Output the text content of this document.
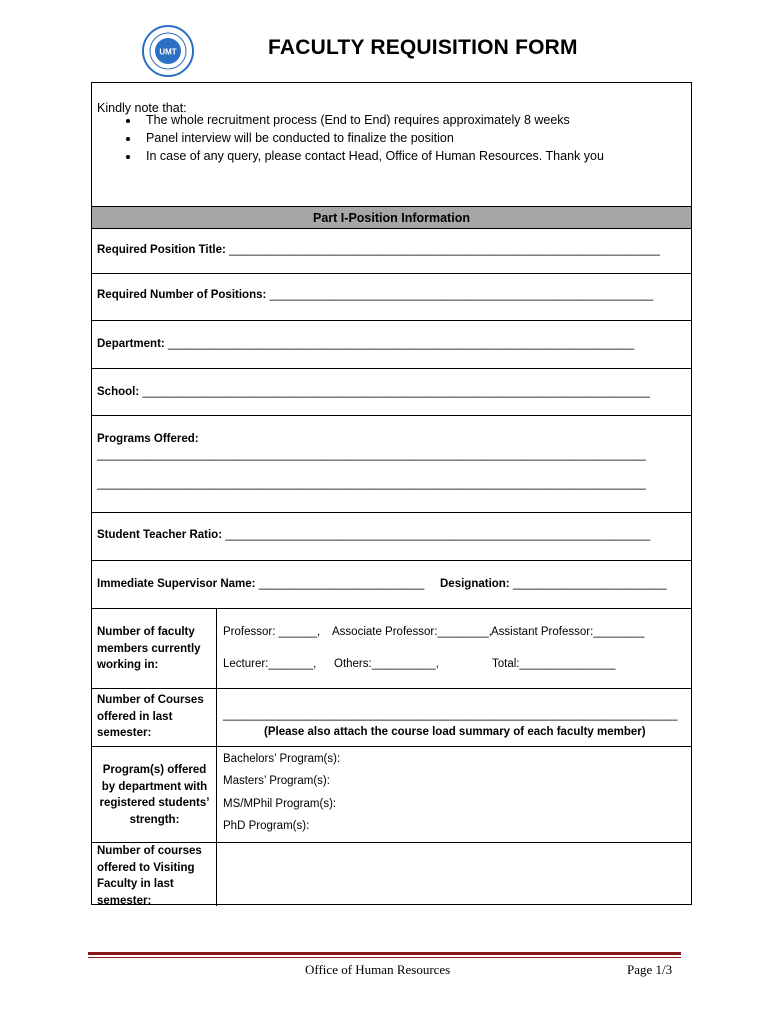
UMT	FACULTY REQUISITION FORM
Kindly note that:
• The whole recruitment process (End to End) requires approximately 8 weeks
• Panel interview will be conducted to finalize the position
• In case of any query, please contact Head, Office of Human Resources. Thank you
Part I-Position Information
Required Position Title: _________________________________________________________________________
Required Number of Positions: _________________________________________________________________
Department: _______________________________________________________________________________
School: ______________________________________________________________________________________
Programs Offered:
_____________________________________________________________________________________________
_____________________________________________________________________________________________
Student Teacher Ratio: ________________________________________________________________________
Immediate Supervisor Name: ____________________________ Designation: __________________________
Number of faculty members currently working in:
Professor: ______, Associate Professor:________, Assistant Professor:________
Lecturer:_______, Others:__________,	Total:_______________
Number of Courses offered in last semester:
_____________________________________________________________________________
(Please also attach the course load summary of each faculty member)
Program(s) offered by department with registered students’ strength:
Bachelors’ Program(s):
Masters’ Program(s):
MS/MPhil Program(s):
PhD Program(s):
Number of courses offered to Visiting Faculty in last semester:
Office of Human Resources	Page 1/3
